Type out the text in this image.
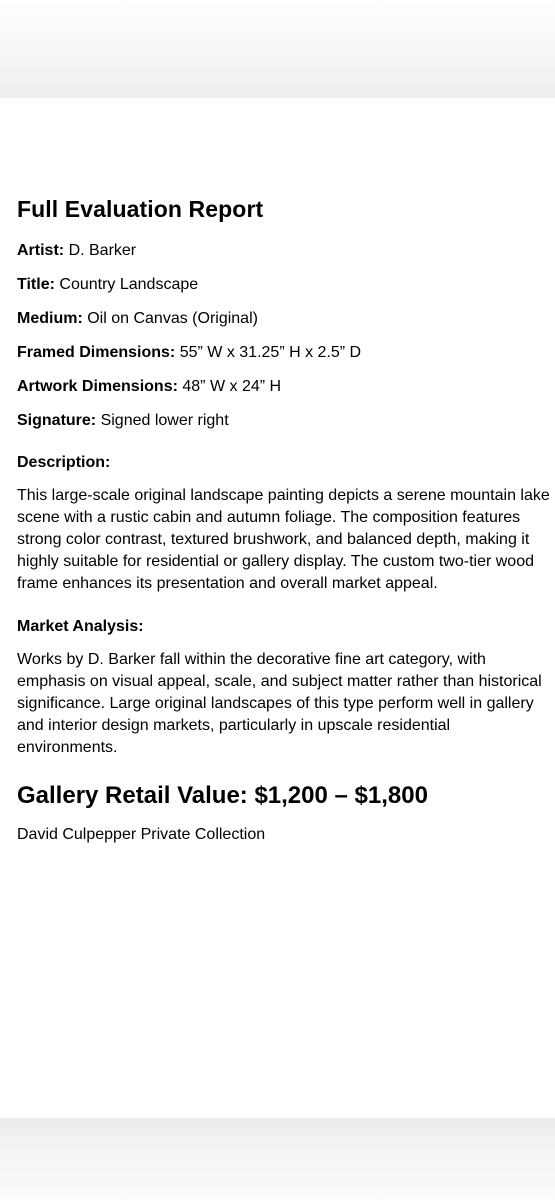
Full Evaluation Report
Artist: D. Barker
Title: Country Landscape
Medium: Oil on Canvas (Original)
Framed Dimensions: 55” W x 31.25” H x 2.5” D
Artwork Dimensions: 48” W x 24” H
Signature: Signed lower right
Description:

This large-scale original landscape painting depicts a serene mountain lake scene with a rustic cabin and autumn foliage. The composition features strong color contrast, textured brushwork, and balanced depth, making it highly suitable for residential or gallery display. The custom two-tier wood frame enhances its presentation and overall market appeal.

Market Analysis:

Works by D. Barker fall within the decorative fine art category, with emphasis on visual appeal, scale, and subject matter rather than historical significance. Large original landscapes of this type perform well in gallery and interior design markets, particularly in upscale residential environments.

Gallery Retail Value: $1,200 – $1,800
David Culpepper Private Collection
